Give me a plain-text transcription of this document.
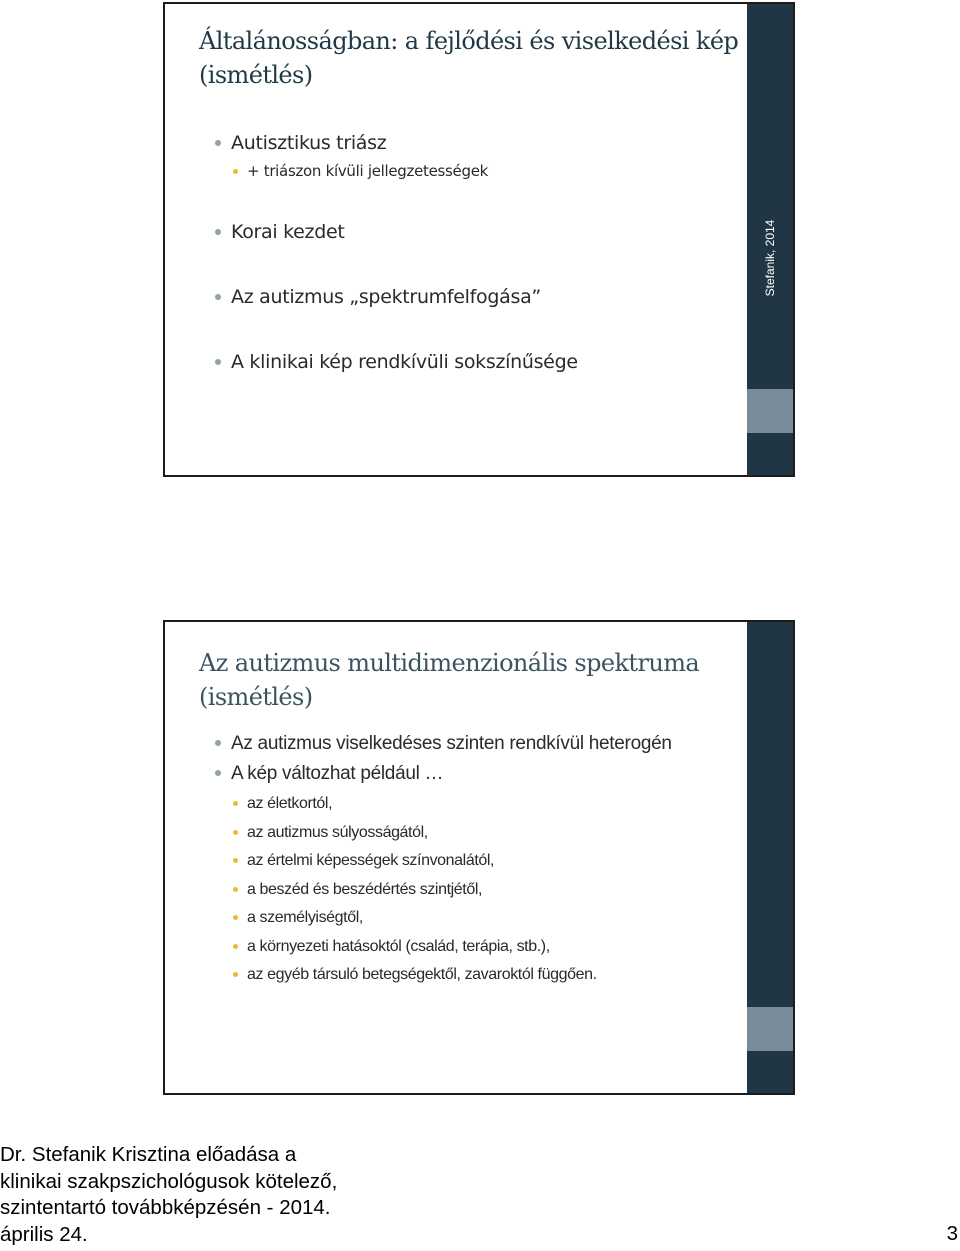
Általánosságban: a fejlődési és viselkedési kép (ismétlés)
Autisztikus triász
+ triászon kívüli jellegzetességek
Korai kezdet
Az autizmus „spektrumfelfogása”
A klinikai kép rendkívüli sokszínűsége
Stefanik, 2014
Az autizmus multidimenzionális spektruma (ismétlés)
Az autizmus viselkedéses szinten rendkívül heterogén
A kép változhat például …
az életkortól,
az autizmus súlyosságától,
az értelmi képességek színvonalától,
a beszéd és beszédértés szintjétől,
a személyiségtől,
a környezeti hatásoktól (család, terápia, stb.),
az egyéb társuló betegségektől, zavaroktól függően.
Dr. Stefanik Krisztina előadása a
klinikai szakpszichológusok kötelező,
szintentartó továbbképzésén - 2014.
április 24.	3
